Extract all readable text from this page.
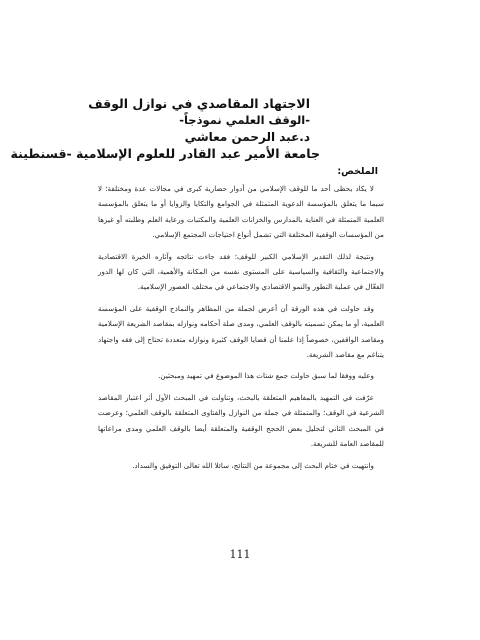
الاجتهاد المقاصدي في نوازل الوقف
-الوقف العلمي نموذجاً-
د.عبد الرحمن معاشي
جامعة الأمير عبد القادر للعلوم الإسلامية -قسنطينة
الملخص:

لا يكاد يحظى أحد ما للوقف الإسلامي من أدوار حضارية كبرى في مجالات عدة ومختلفة؛ لا سيما ما يتعلق بالمؤسسة الدعوية المتمثلة في الجوامع والتكايا والزوايا أو ما يتعلق بالمؤسسة العلمية المتمثلة في العناية بالمدارس والخزانات العلمية والمكتبات ورعاية العلم وطلبته أو غيرها من المؤسسات الوقفية المختلفة التي تشمل أنواع احتياجات المجتمع الإسلامي.

ونتيجة لذلك التقدير الإسلامي الكبير للوقف؛ فقد جاءت نتائجه وآثاره الخيرة الاقتصادية والاجتماعية والثقافية والسياسية على المستوى نفسه من المكانة والأهمية، التي كان لها الدور الفعّال في عملية التطور والنمو الاقتصادي والاجتماعي في مختلف العصور الإسلامية.

وقد حاولت في هذه الورقة أن أعرض لجملة من المظاهر والنماذج الوقفية على المؤسسة العلمية، أو ما يمكن تسميته بالوقف العلمي، ومدى صلة أحكامه ونوازله بمقاصد الشريعة الإسلامية ومقاصد الواقفين، خصوصاً إذا علمنا أن قضايا الوقف كثيرة ونوازله متعددة تحتاج إلى فقه واجتهاد يتناغم مع مقاصد الشريعة.

وعليه ووفقا لما سبق حاولت جمع شتات هذا الموضوع في تمهيد ومبحثين.

عرّفت في التمهيد بالمفاهيم المتعلقة بالبحث، وتناولت في المبحث الأول أثر اعتبار المقاصد الشرعية في الوقف؛ والمتمثلة في جملة من النوازل والفتاوى المتعلقة بالوقف العلمي؛ وعرضت في المبحث الثاني لتحليل بعض الحجج الوقفية والمتعلقة أيضا بالوقف العلمي ومدى مراعاتها للمقاصد العامة للشريعة.

وانتهيت في ختام البحث إلى مجموعة من النتائج، سائلا الله تعالى التوفيق والسداد.

111
